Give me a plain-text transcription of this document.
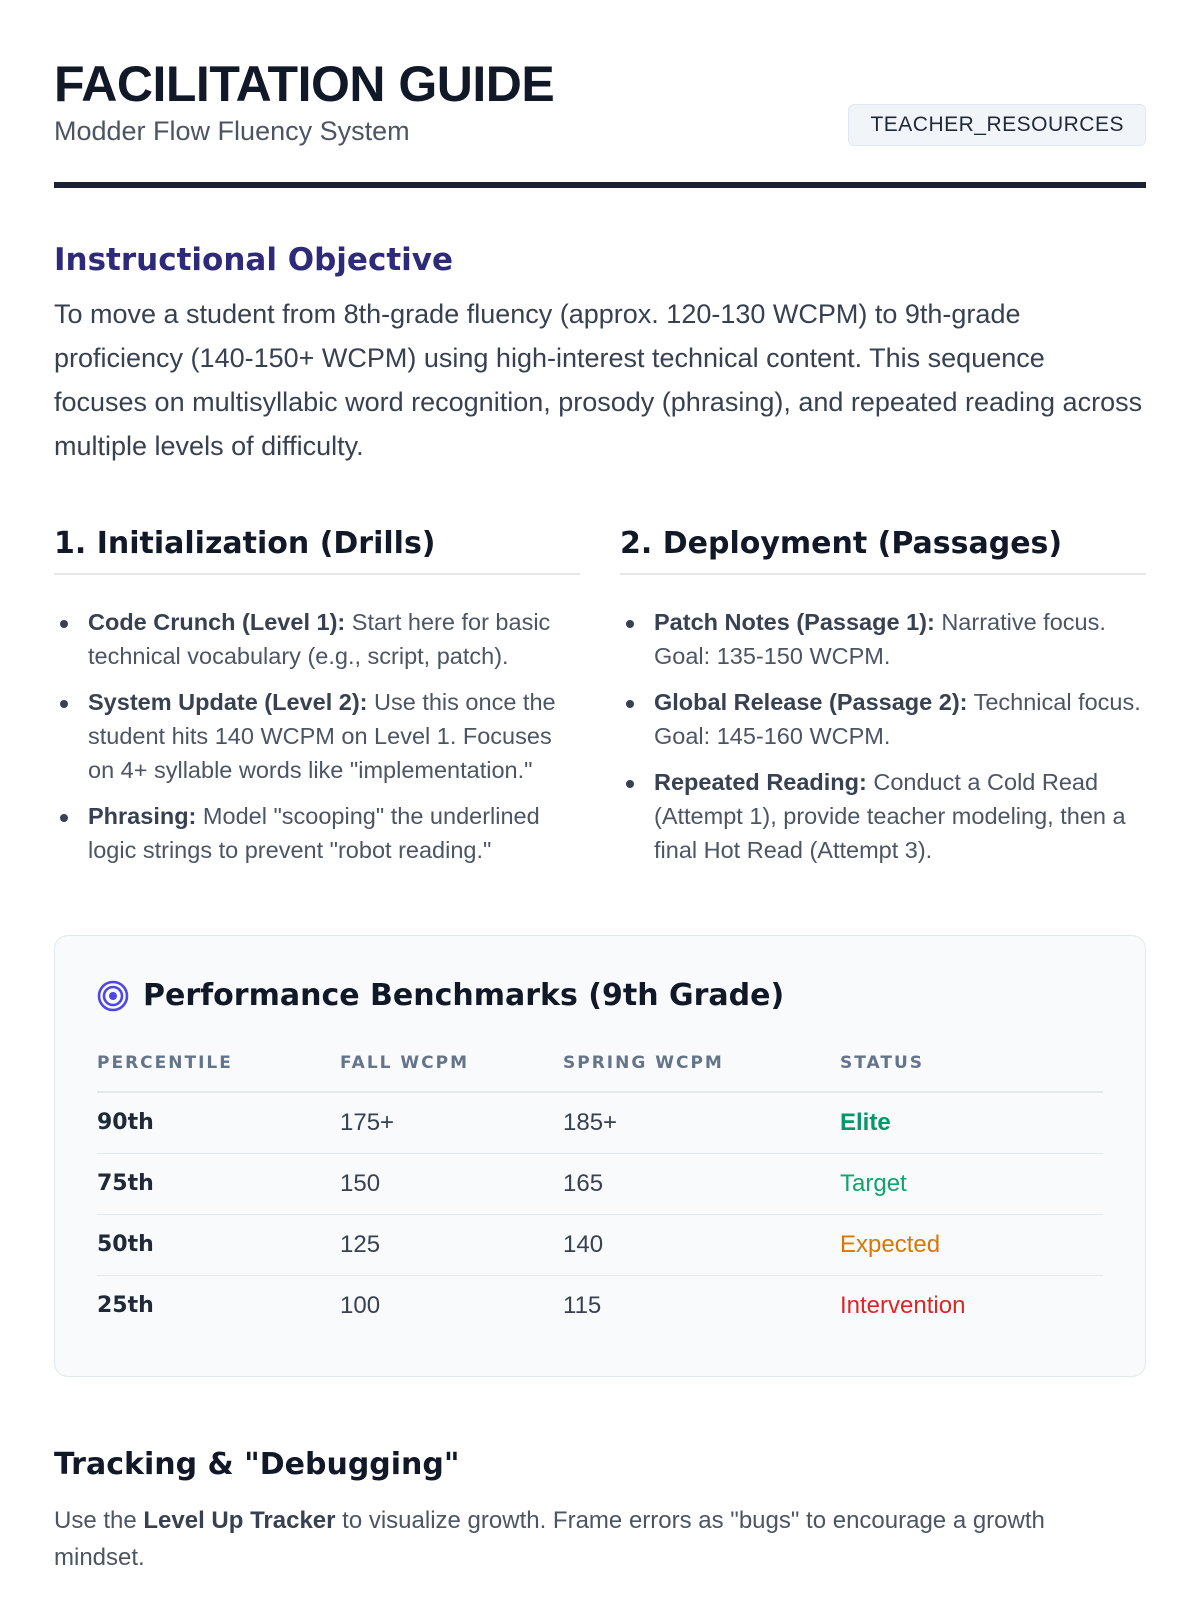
FACILITATION GUIDE
Modder Flow Fluency System	TEACHER_RESOURCES
Instructional Objective

To move a student from 8th-grade fluency (approx. 120-130 WCPM) to 9th-grade proficiency (140-150+ WCPM) using high-interest technical content. This sequence focuses on multisyllabic word recognition, prosody (phrasing), and repeated reading across multiple levels of difficulty.

1. Initialization (Drills)
Code Crunch (Level 1): Start here for basic technical vocabulary (e.g., script, patch).
System Update (Level 2): Use this once the student hits 140 WCPM on Level 1. Focuses on 4+ syllable words like "implementation."
Phrasing: Model "scooping" the underlined logic strings to prevent "robot reading."
2. Deployment (Passages)
Patch Notes (Passage 1): Narrative focus. Goal: 135-150 WCPM.
Global Release (Passage 2): Technical focus. Goal: 145-160 WCPM.
Repeated Reading: Conduct a Cold Read (Attempt 1), provide teacher modeling, then a final Hot Read (Attempt 3).
Performance Benchmarks (9th Grade)
PERCENTILE	FALL WCPM	SPRING WCPM	STATUS
90th	175+	185+	Elite
75th	150	165	Target
50th	125	140	Expected
25th	100	115	Intervention
Tracking & "Debugging"

Use the Level Up Tracker to visualize growth. Frame errors as "bugs" to encourage a growth mindset.
